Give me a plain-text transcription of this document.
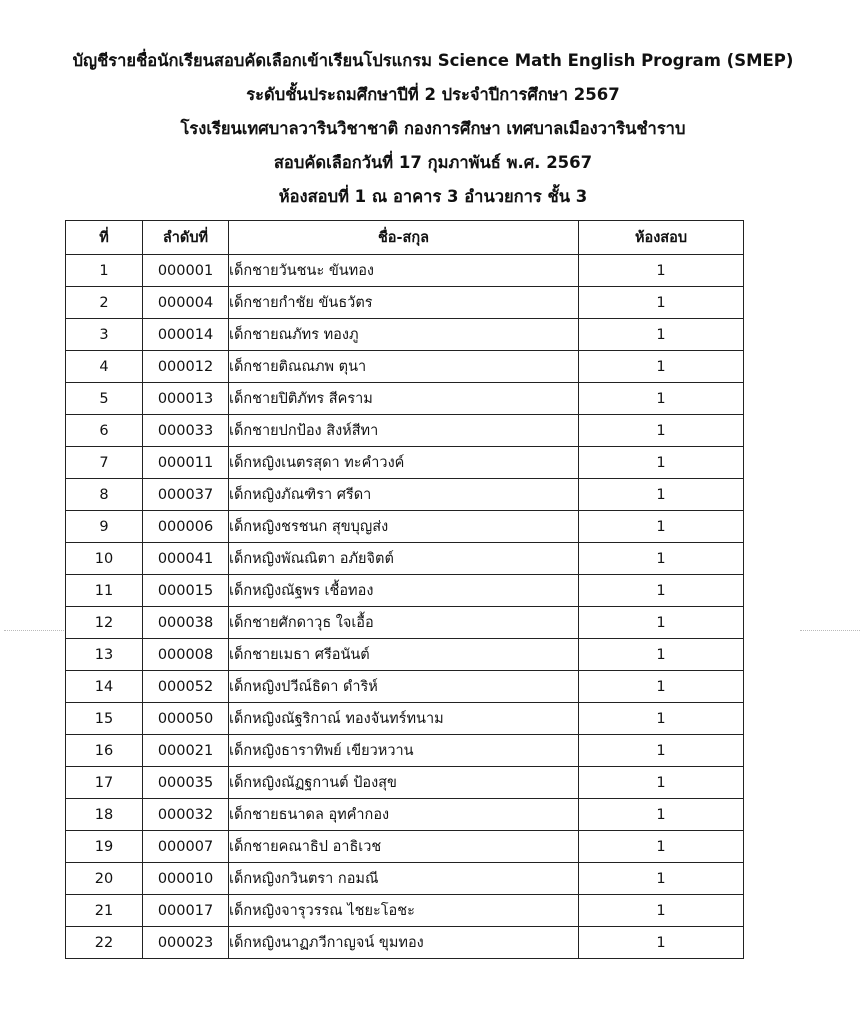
บัญชีรายชื่อนักเรียนสอบคัดเลือกเข้าเรียนโปรแกรม Science Math English Program (SMEP)
ระดับชั้นประถมศึกษาปีที่ 2 ประจำปีการศึกษา 2567
โรงเรียนเทศบาลวารินวิชาชาติ กองการศึกษา เทศบาลเมืองวารินชำราบ
สอบคัดเลือกวันที่ 17 กุมภาพันธ์ พ.ศ. 2567
ห้องสอบที่ 1 ณ อาคาร 3 อำนวยการ ชั้น 3
ที่	ลำดับที่	ชื่อ-สกุล	ห้องสอบ
1	000001	เด็กชายวันชนะ ขันทอง	1
2	000004	เด็กชายกำชัย ขันธวัตร	1
3	000014	เด็กชายณภัทร ทองภู	1
4	000012	เด็กชายติณณภพ ตุนา	1
5	000013	เด็กชายปิติภัทร สีคราม	1
6	000033	เด็กชายปกป้อง สิงห์สีทา	1
7	000011	เด็กหญิงเนตรสุดา ทะคำวงค์	1
8	000037	เด็กหญิงภัณฑิรา ศรีดา	1
9	000006	เด็กหญิงชรชนก สุขบุญส่ง	1
10	000041	เด็กหญิงพัณณิตา อภัยจิตต์	1
11	000015	เด็กหญิงณัฐพร เชื้อทอง	1
12	000038	เด็กชายศักดาวุธ ใจเอื้อ	1
13	000008	เด็กชายเมธา ศรีอนันต์	1
14	000052	เด็กหญิงปวีณ์ธิดา ดำริห์	1
15	000050	เด็กหญิงณัฐริกาณ์ ทองจันทร์ทนาม	1
16	000021	เด็กหญิงธาราทิพย์ เขียวหวาน	1
17	000035	เด็กหญิงณัฏฐกานต์ ป้องสุข	1
18	000032	เด็กชายธนาดล อุทคำกอง	1
19	000007	เด็กชายคณาธิป อาธิเวช	1
20	000010	เด็กหญิงกวินตรา กอมณี	1
21	000017	เด็กหญิงจารุวรรณ ไชยะโอชะ	1
22	000023	เด็กหญิงนาฏภวีกาญจน์ ขุมทอง	1
